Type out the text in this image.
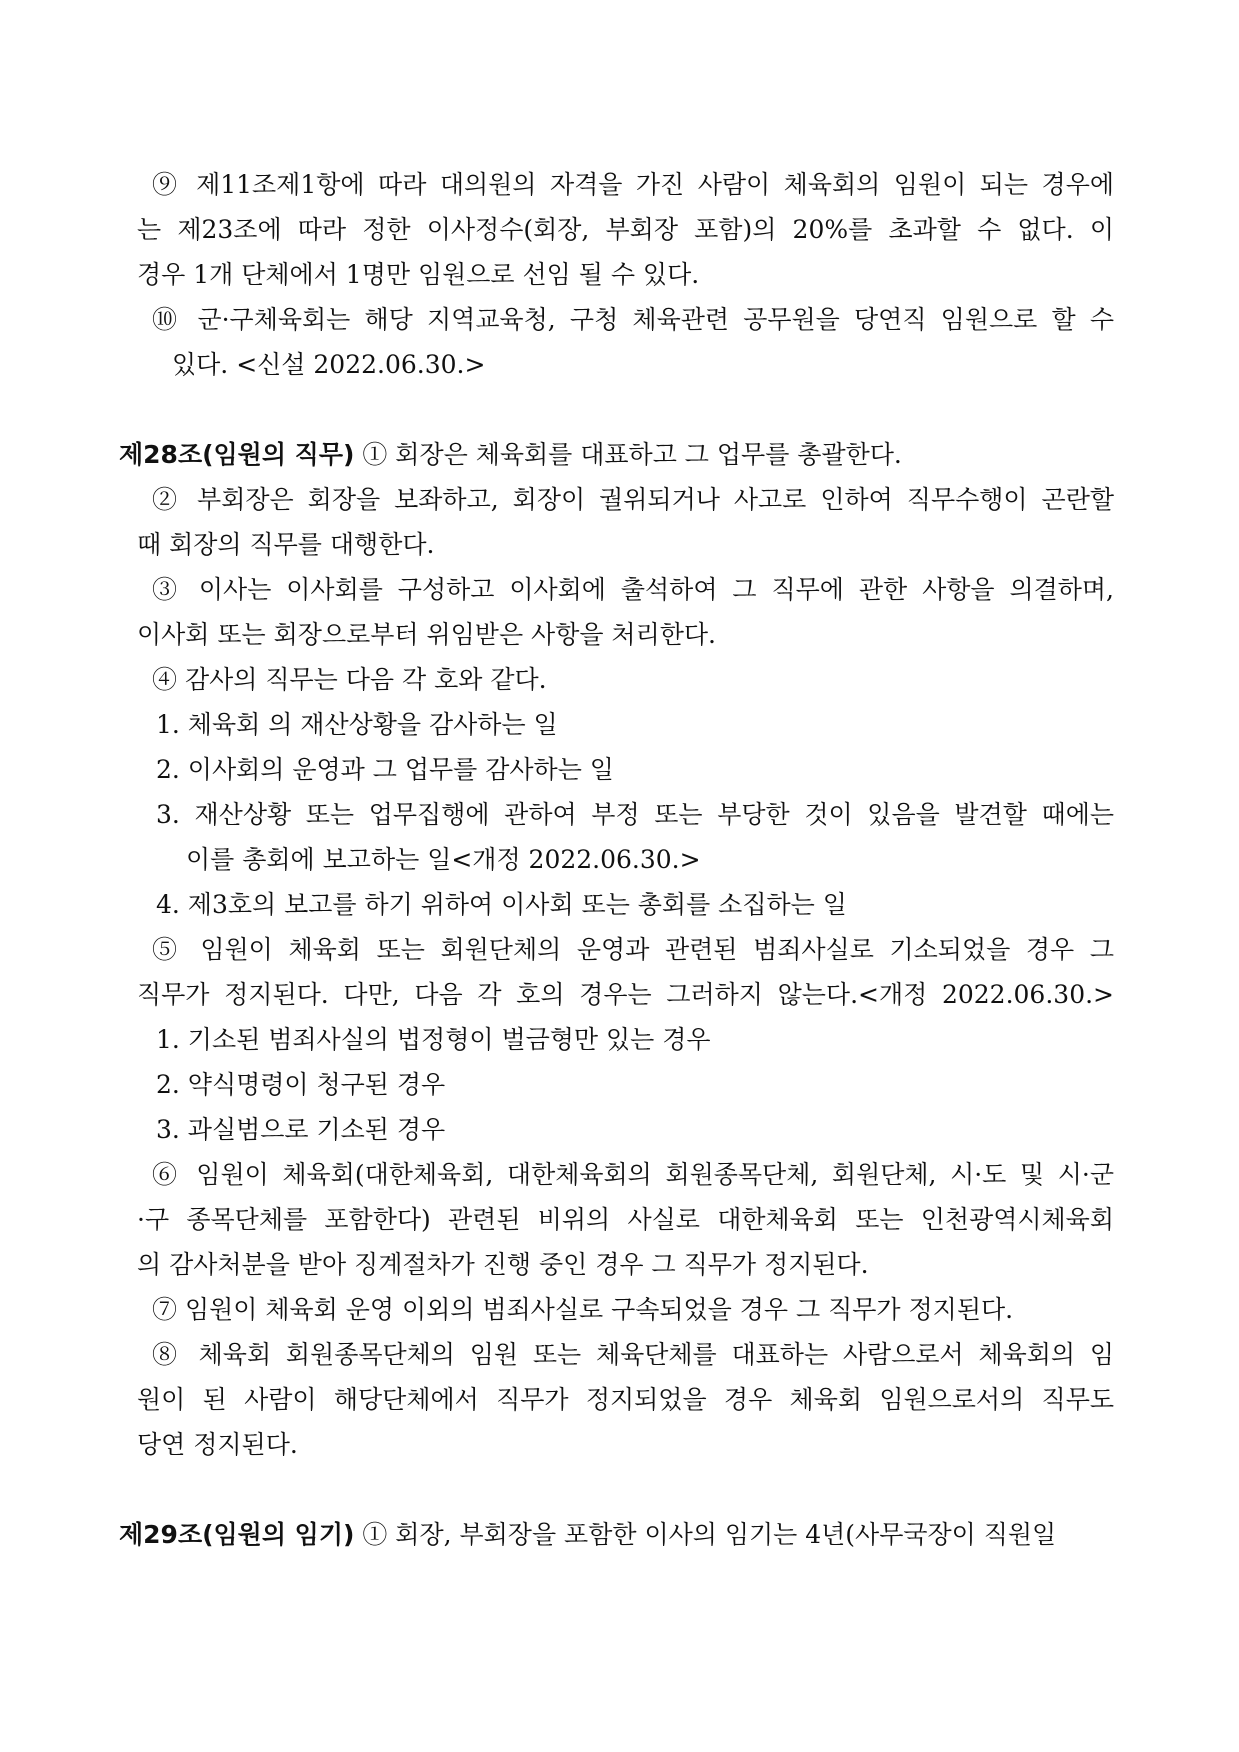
⑨ 제11조제1항에 따라 대의원의 자격을 가진 사람이 체육회의 임원이 되는 경우에
는 제23조에 따라 정한 이사정수(회장, 부회장 포함)의 20%를 초과할 수 없다. 이
경우 1개 단체에서 1명만 임원으로 선임 될 수 있다.
⑩ 군·구체육회는 해당 지역교육청, 구청 체육관련 공무원을 당연직 임원으로 할 수
있다. <신설 2022.06.30.>
제28조(임원의 직무) ① 회장은 체육회를 대표하고 그 업무를 총괄한다.
② 부회장은 회장을 보좌하고, 회장이 궐위되거나 사고로 인하여 직무수행이 곤란할
때 회장의 직무를 대행한다.
③ 이사는 이사회를 구성하고 이사회에 출석하여 그 직무에 관한 사항을 의결하며,
이사회 또는 회장으로부터 위임받은 사항을 처리한다.
④ 감사의 직무는 다음 각 호와 같다.
1. 체육회 의 재산상황을 감사하는 일
2. 이사회의 운영과 그 업무를 감사하는 일
3. 재산상황 또는 업무집행에 관하여 부정 또는 부당한 것이 있음을 발견할 때에는
이를 총회에 보고하는 일<개정 2022.06.30.>
4. 제3호의 보고를 하기 위하여 이사회 또는 총회를 소집하는 일
⑤ 임원이 체육회 또는 회원단체의 운영과 관련된 범죄사실로 기소되었을 경우 그
직무가 정지된다. 다만, 다음 각 호의 경우는 그러하지 않는다.<개정 2022.06.30.>
1. 기소된 범죄사실의 법정형이 벌금형만 있는 경우
2. 약식명령이 청구된 경우
3. 과실범으로 기소된 경우
⑥ 임원이 체육회(대한체육회, 대한체육회의 회원종목단체, 회원단체, 시·도 및 시·군
·구 종목단체를 포함한다) 관련된 비위의 사실로 대한체육회 또는 인천광역시체육회
의 감사처분을 받아 징계절차가 진행 중인 경우 그 직무가 정지된다.
⑦ 임원이 체육회 운영 이외의 범죄사실로 구속되었을 경우 그 직무가 정지된다.
⑧ 체육회 회원종목단체의 임원 또는 체육단체를 대표하는 사람으로서 체육회의 임
원이 된 사람이 해당단체에서 직무가 정지되었을 경우 체육회 임원으로서의 직무도
당연 정지된다.
제29조(임원의 임기) ① 회장, 부회장을 포함한 이사의 임기는 4년(사무국장이 직원일
